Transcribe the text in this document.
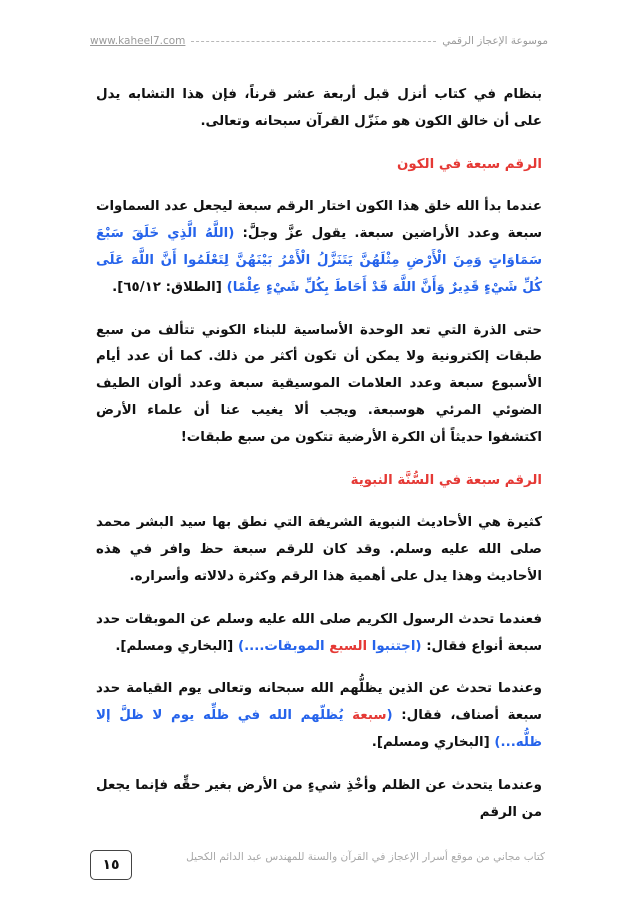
www.kaheel7.com	موسوعة الإعجاز الرقمي

بنظام في كتاب أنزل قبل أربعة عشر قرناً، فإن هذا التشابه يدل على أن خالق الكون هو منَزّل القرآن سبحانه وتعالى.

الرقم سبعة في الكون

عندما بدأ الله خلق هذا الكون اختار الرقم سبعة ليجعل عدد السماوات سبعة وعدد الأراضين سبعة. يقول عزَّ وجلَّ: (اللَّهُ الَّذِي خَلَقَ سَبْعَ سَمَاوَاتٍ وَمِنَ الْأَرْضِ مِثْلَهُنَّ يَتَنَزَّلُ الْأَمْرُ بَيْنَهُنَّ لِتَعْلَمُوا أَنَّ اللَّهَ عَلَى كُلِّ شَيْءٍ قَدِيرٌ وَأَنَّ اللَّهَ قَدْ أَحَاطَ بِكُلِّ شَيْءٍ عِلْمًا) [الطلاق: ٦٥/١٢].

حتى الذرة التي تعد الوحدة الأساسية للبناء الكوني تتألف من سبع طبقات إلكترونية ولا يمكن أن تكون أكثر من ذلك. كما أن عدد أيام الأسبوع سبعة وعدد العلامات الموسيقية سبعة وعدد ألوان الطيف الضوئي المرئي هوسبعة. ويجب ألا يغيب عنا أن علماء الأرض اكتشفوا حديثاً أن الكرة الأرضية تتكون من سبع طبقات!

الرقم سبعة في السُّنَّة النبوية

كثيرة هي الأحاديث النبوية الشريفة التي نطق بها سيد البشر محمد صلى الله عليه وسلم. وقد كان للرقم سبعة حظ وافر في هذه الأحاديث وهذا يدل على أهمية هذا الرقم وكثرة دلالاته وأسراره.

فعندما تحدث الرسول الكريم صلى الله عليه وسلم عن الموبقات حدد سبعة أنواع فقال: (اجتنبوا السبع الموبقات....) [البخاري ومسلم].

وعندما تحدث عن الذين يظلُّهم الله سبحانه وتعالى يوم القيامة حدد سبعة أصناف، فقال: (سبعة يُظلّهم الله في ظلِّه يوم لا ظلَّ إلا ظلُّه...) [البخاري ومسلم].

وعندما يتحدث عن الظلم وأخْذِ شيءٍ من الأرض بغير حقِّه فإنما يجعل من الرقم

كتاب مجاني من موقع أسرار الإعجاز في القرآن والسنة للمهندس عبد الدائم الكحيل
١٥
